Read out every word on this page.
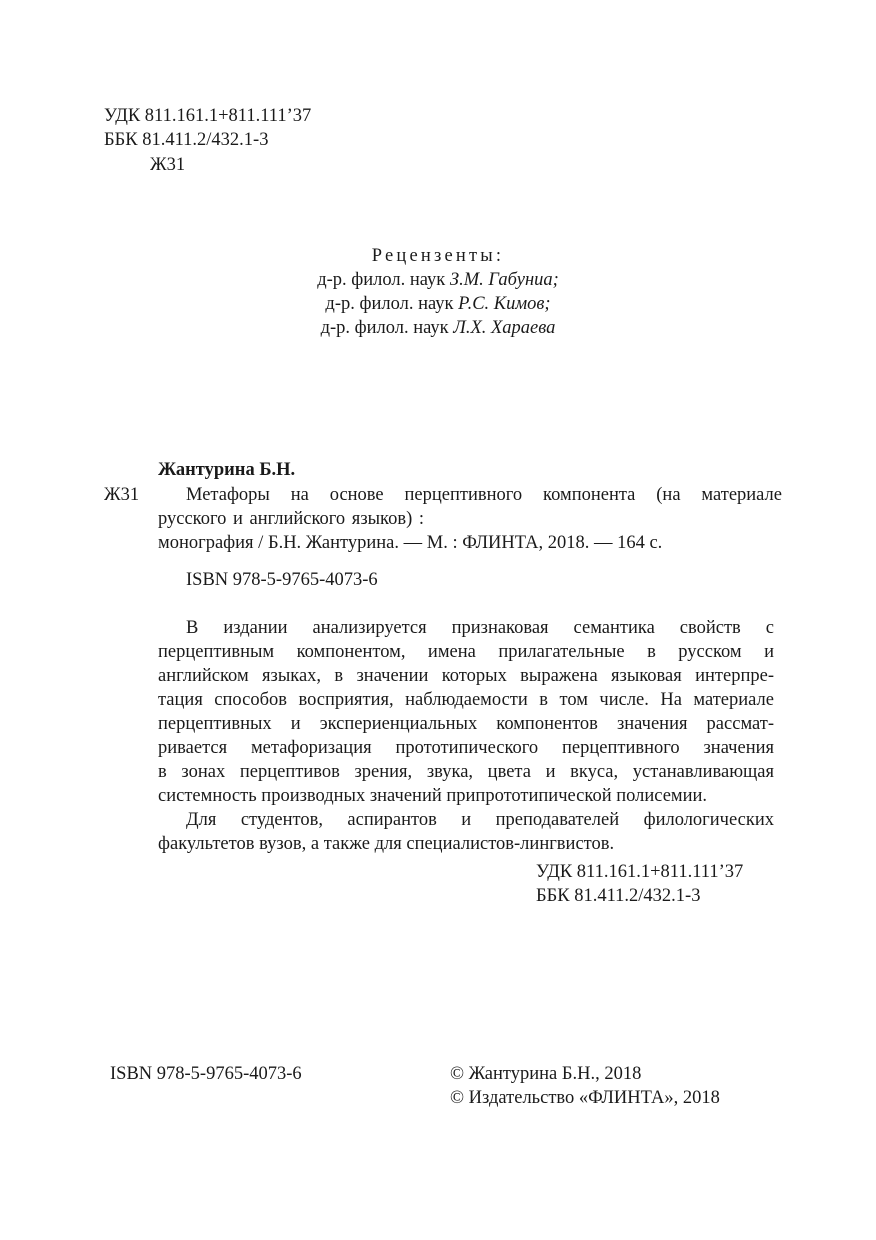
УДК 811.161.1+811.111’37
ББК 81.411.2/432.1-3
Ж31
Рецензенты:
д-р. филол. наук З.М. Габуниа;
д-р. филол. наук Р.С. Кимов;
д-р. филол. наук Л.Х. Хараева
Жантурина Б.Н.
Ж31	Метафоры на основе перцептивного компонента (на материале
русского и английского языков) :
монография / Б.Н. Жантурина. — М. : ФЛИНТА, 2018. — 164 с.
ISBN 978-5-9765-4073-6
В издании анализируется признаковая семантика свойств с
перцептивным компонентом, имена прилагательные в русском и
английском языках, в значении которых выражена языковая интерпре-
тация способов восприятия, наблюдаемости в том числе. На материале
перцептивных и экспериенциальных компонентов значения рассмат-
ривается метафоризация прототипического перцептивного значения
в зонах перцептивов зрения, звука, цвета и вкуса, устанавливающая
системность производных значений припрототипической полисемии.
Для студентов, аспирантов и преподавателей филологических
факультетов вузов, а также для специалистов-лингвистов.
УДК 811.161.1+811.111’37
ББК 81.411.2/432.1-3
ISBN 978-5-9765-4073-6	© Жантурина Б.Н., 2018
© Издательство «ФЛИНТА», 2018
